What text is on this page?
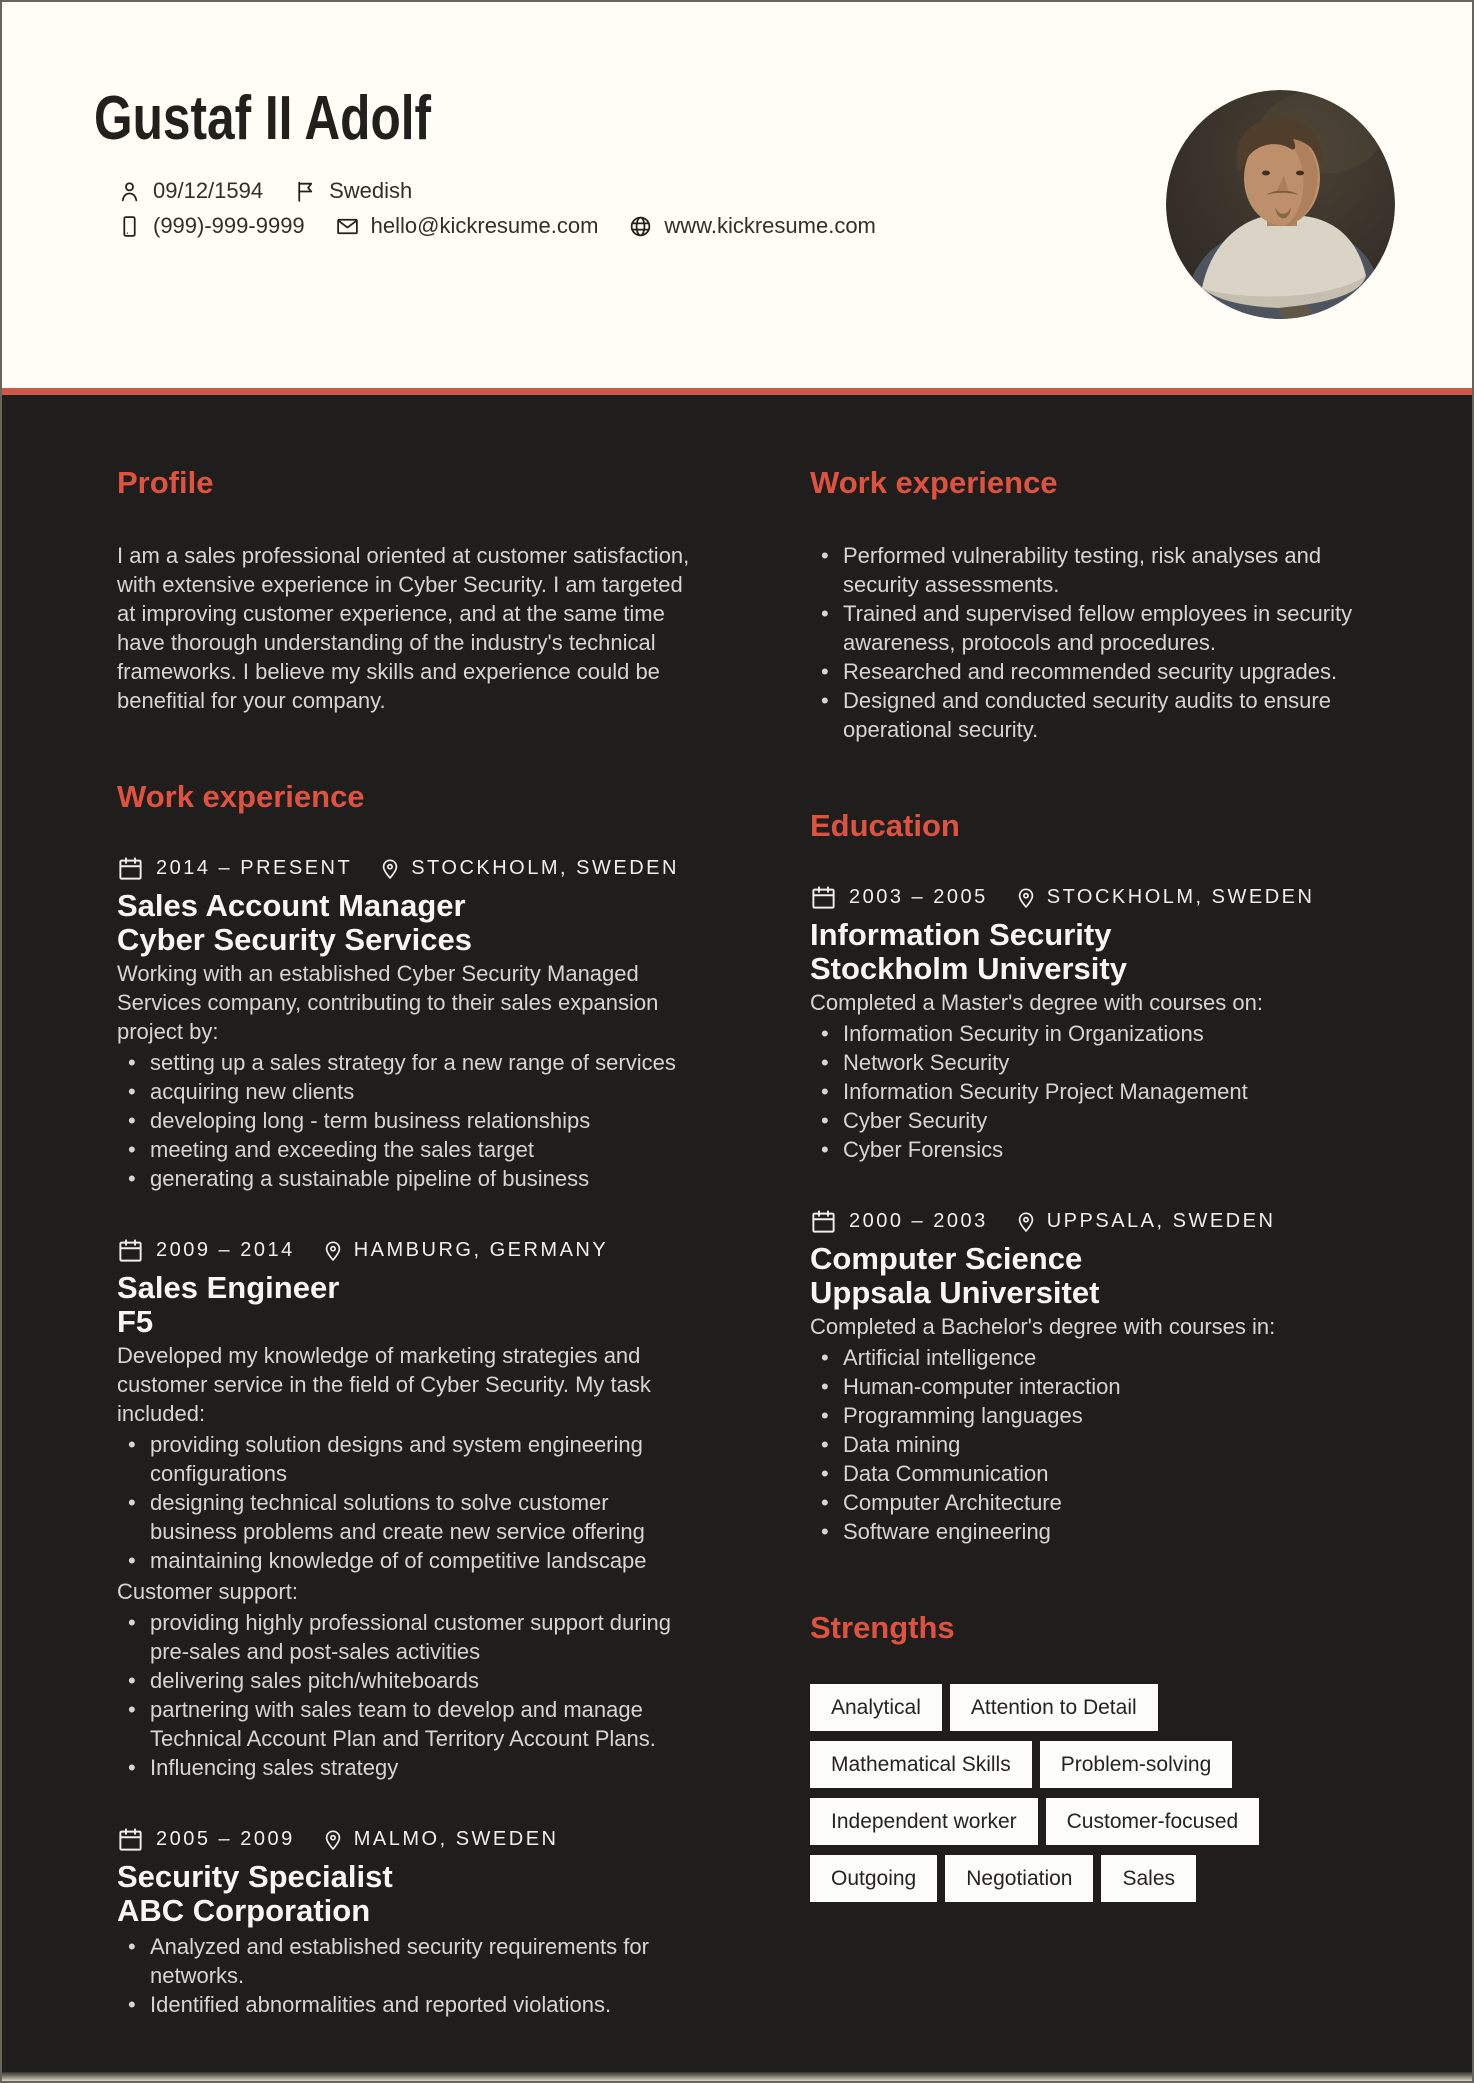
Gustaf II Adolf
09/12/1594	Swedish
(999)-999-9999	hello@kickresume.com	www.kickresume.com
Profile

I am a sales professional oriented at customer satisfaction, with extensive experience in Cyber Security. I am targeted at improving customer experience, and at the same time have thorough understanding of the industry's technical frameworks. I believe my skills and experience could be benefitial for your company.

Work experience
2014 – PRESENT	STOCKHOLM, SWEDEN
Sales Account Manager
Cyber Security Services

Working with an established Cyber Security Managed Services company, contributing to their sales expansion project by:

• setting up a sales strategy for a new range of services
• acquiring new clients
• developing long - term business relationships
• meeting and exceeding the sales target
• generating a sustainable pipeline of business
2009 – 2014	HAMBURG, GERMANY
Sales Engineer
F5

Developed my knowledge of marketing strategies and customer service in the field of Cyber Security. My task included:

• providing solution designs and system engineering configurations
• designing technical solutions to solve customer business problems and create new service offering
• maintaining knowledge of of competitive landscape

Customer support:

• providing highly professional customer support during pre-sales and post-sales activities
• delivering sales pitch/whiteboards
• partnering with sales team to develop and manage Technical Account Plan and Territory Account Plans.
• Influencing sales strategy
2005 – 2009	MALMO, SWEDEN
Security Specialist
ABC Corporation
• Analyzed and established security requirements for networks.
• Identified abnormalities and reported violations.
Work experience
• Performed vulnerability testing, risk analyses and security assessments.
• Trained and supervised fellow employees in security awareness, protocols and procedures.
• Researched and recommended security upgrades.
• Designed and conducted security audits to ensure operational security.
Education
2003 – 2005	STOCKHOLM, SWEDEN
Information Security
Stockholm University

Completed a Master's degree with courses on:

• Information Security in Organizations
• Network Security
• Information Security Project Management
• Cyber Security
• Cyber Forensics
2000 – 2003	UPPSALA, SWEDEN
Computer Science
Uppsala Universitet

Completed a Bachelor's degree with courses in:

• Artificial intelligence
• Human-computer interaction
• Programming languages
• Data mining
• Data Communication
• Computer Architecture
• Software engineering
Strengths
Analytical	Attention to Detail
Mathematical Skills	Problem-solving
Independent worker	Customer-focused
Outgoing	Negotiation	Sales
